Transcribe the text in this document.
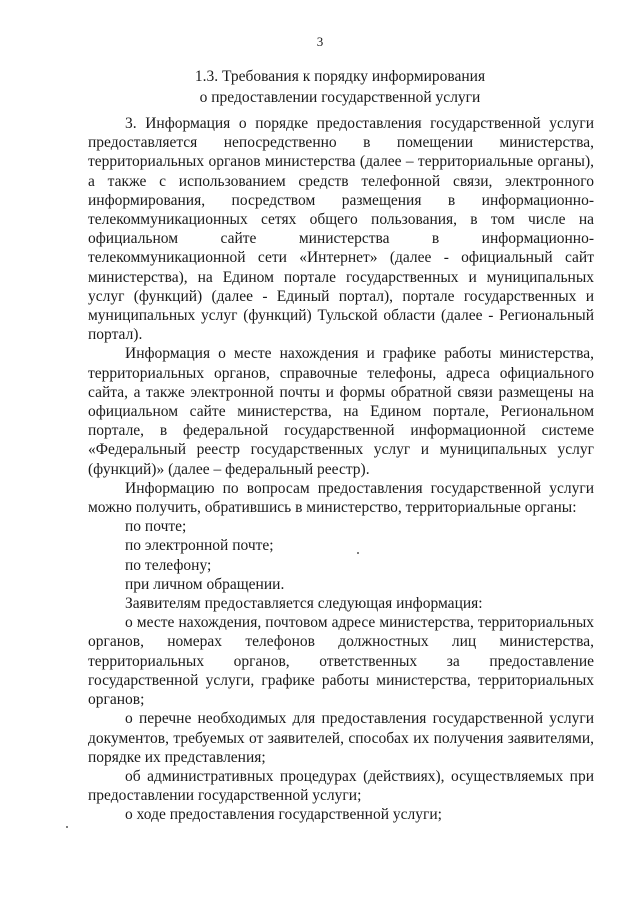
3
1.3. Требования к порядку информирования
о предоставлении государственной услуги

3. Информация о порядке предоставления государственной услуги предоставляется непосредственно в помещении министерства, территориальных органов министерства (далее – территориальные органы), а также с использованием средств телефонной связи, электронного информирования, посредством размещения в информационно-телекоммуникационных сетях общего пользования, в том числе на официальном сайте министерства в информационно-телекоммуникационной сети «Интернет» (далее - официальный сайт министерства), на Едином портале государственных и муниципальных услуг (функций) (далее - Единый портал), портале государственных и муниципальных услуг (функций) Тульской области (далее - Региональный портал).

Информация о месте нахождения и графике работы министерства, территориальных органов, справочные телефоны, адреса официального сайта, а также электронной почты и формы обратной связи размещены на официальном сайте министерства, на Едином портале, Региональном портале, в федеральной государственной информационной системе «Федеральный реестр государственных услуг и муниципальных услуг (функций)» (далее – федеральный реестр).

Информацию по вопросам предоставления государственной услуги можно получить, обратившись в министерство, территориальные органы:

по почте;

по электронной почте;

по телефону;

при личном обращении.

Заявителям предоставляется следующая информация:

о месте нахождения, почтовом адресе министерства, территориальных органов, номерах телефонов должностных лиц министерства, территориальных органов, ответственных за предоставление государственной услуги, графике работы министерства, территориальных органов;

о перечне необходимых для предоставления государственной услуги документов, требуемых от заявителей, способах их получения заявителями, порядке их представления;

об административных процедурах (действиях), осуществляемых при предоставлении государственной услуги;

о ходе предоставления государственной услуги;
